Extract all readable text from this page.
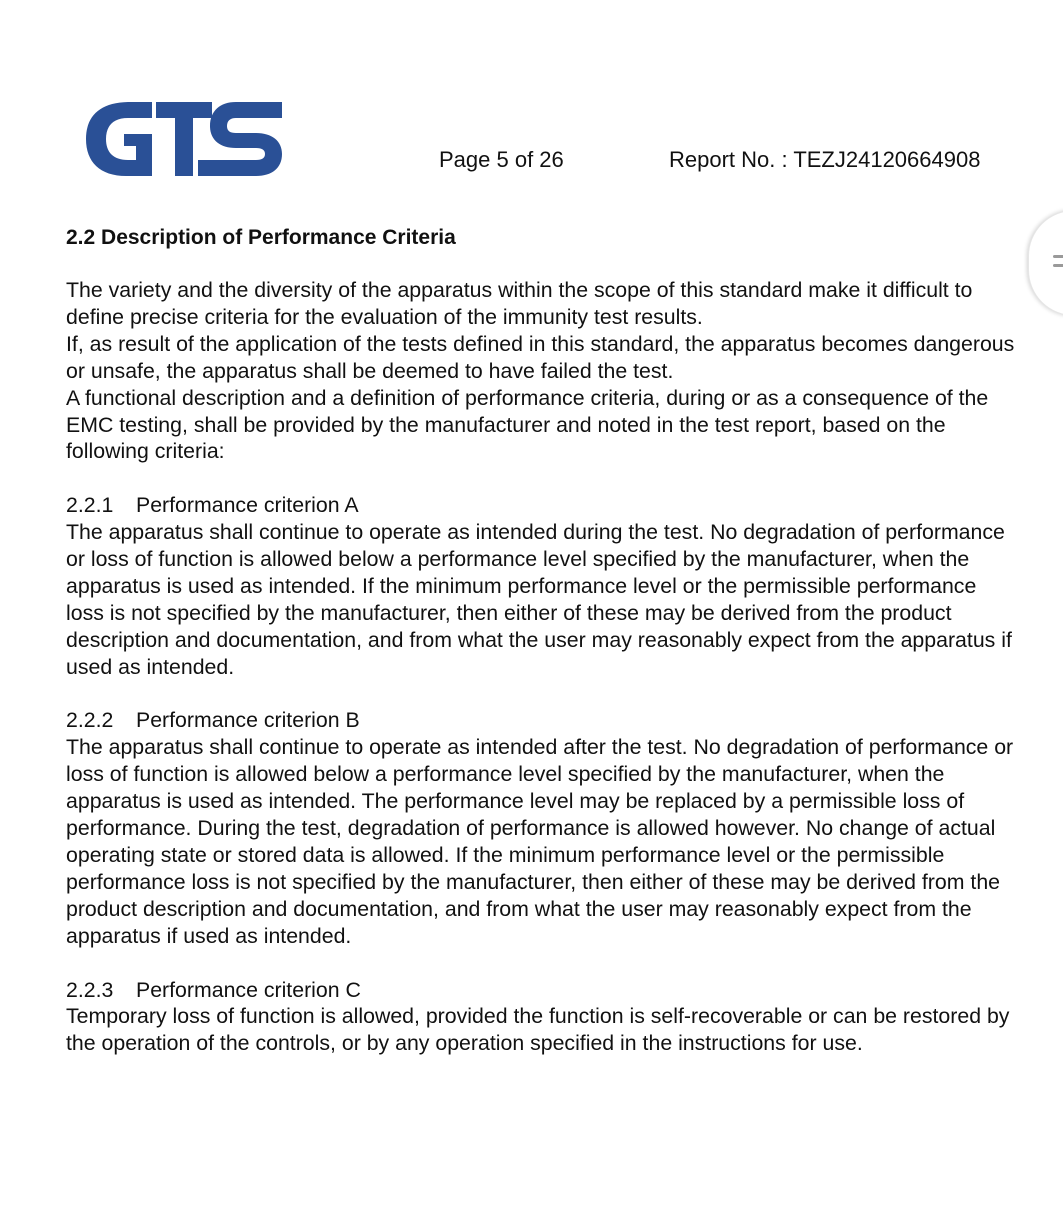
Page 5 of 26	Report No. : TEZJ24120664908
2.2 Description of Performance Criteria

The variety and the diversity of the apparatus within the scope of this standard make it difficult to define precise criteria for the evaluation of the immunity test results.

If, as result of the application of the tests defined in this standard, the apparatus becomes dangerous or unsafe, the apparatus shall be deemed to have failed the test.

A functional description and a definition of performance criteria, during or as a consequence of the EMC testing, shall be provided by the manufacturer and noted in the test report, based on the following criteria:

2.2.1 Performance criterion A

The apparatus shall continue to operate as intended during the test. No degradation of performance or loss of function is allowed below a performance level specified by the manufacturer, when the apparatus is used as intended. If the minimum performance level or the permissible performance loss is not specified by the manufacturer, then either of these may be derived from the product description and documentation, and from what the user may reasonably expect from the apparatus if used as intended.

2.2.2 Performance criterion B

The apparatus shall continue to operate as intended after the test. No degradation of performance or loss of function is allowed below a performance level specified by the manufacturer, when the apparatus is used as intended. The performance level may be replaced by a permissible loss of performance. During the test, degradation of performance is allowed however. No change of actual operating state or stored data is allowed. If the minimum performance level or the permissible performance loss is not specified by the manufacturer, then either of these may be derived from the product description and documentation, and from what the user may reasonably expect from the apparatus if used as intended.

2.2.3 Performance criterion C

Temporary loss of function is allowed, provided the function is self-recoverable or can be restored by the operation of the controls, or by any operation specified in the instructions for use.
